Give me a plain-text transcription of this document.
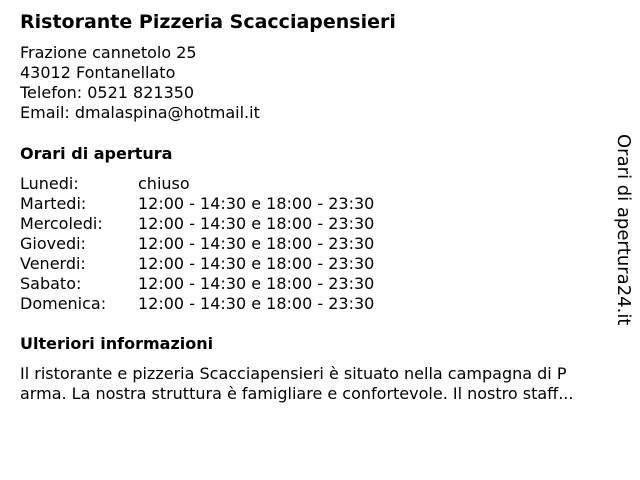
Ristorante Pizzeria Scacciapensieri
Frazione cannetolo 25
43012 Fontanellato
Telefon: 0521 821350
Email: dmalaspina@hotmail.it
Orari di apertura
Lunedi:	chiuso
Martedi:	12:00 - 14:30 e 18:00 - 23:30
Mercoledi: 12:00 - 14:30 e 18:00 - 23:30
Giovedi:	12:00 - 14:30 e 18:00 - 23:30
Venerdi:	12:00 - 14:30 e 18:00 - 23:30
Sabato:	12:00 - 14:30 e 18:00 - 23:30
Domenica: 12:00 - 14:30 e 18:00 - 23:30
Ulteriori informazioni
Il ristorante e pizzeria Scacciapensieri è situato nella campagna di P
arma. La nostra struttura è famigliare e confortevole. Il nostro staff...
Orari di apertura24.it
